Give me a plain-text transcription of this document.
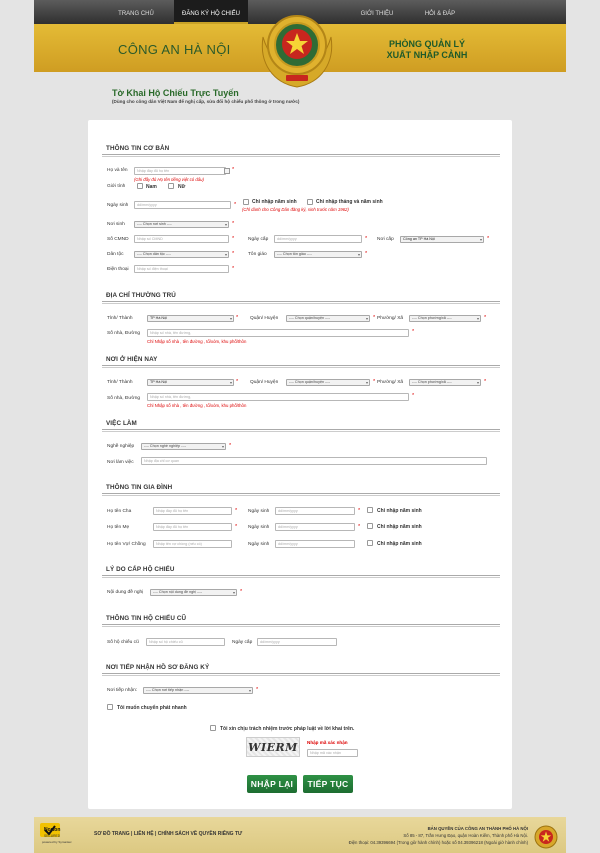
TRANG CHỦ	ĐĂNG KÝ HỘ CHIẾU	GIỚI THIỆU	HỎI & ĐÁP
CÔNG AN HÀ NỘI	PHÒNG QUẢN LÝ
XUẤT NHẬP CẢNH
Tờ Khai Hộ Chiếu Trực Tuyến
(Dùng cho công dân Việt Nam để nghị cấp, sửa đổi hộ chiếu phổ thông ở trong nước)
THÔNG TIN CƠ BẢN
Họ và tên	Nhập đầy đủ họ tên	*
(Ghi đầy đủ Họ tên tiếng việt có dấu)
Giới tính	Nam	Nữ
Ngày sinh	dd/mm/yyyy	*	Chỉ nhập năm sinh	Chỉ nhập tháng và năm sinh
(Chỉ dành cho Công Dân đăng ký, sinh trước năm 1962)
Nơi sinh	---- Chọn nơi sinh ---- ▾	*
Số CMND	Nhập số CMND	*	Ngày cấp	dd/mm/yyyy	* Nơi cấp	Công an TP Hà Nội ▾	*
Dân tộc	---- Chọn dân tộc ---- ▾	*	Tôn giáo	---- Chọn tôn giáo ---- ▾	*
Điện thoại	Nhập số điện thoại	*
ĐỊA CHỈ THƯỜNG TRÚ
Tỉnh/ Thành	TP Hà Nội ▾	* Quận/ Huyện	---- Chọn quận/huyện ---- ▾	* Phường/ Xã	---- Chọn phường/xã ---- ▾	*
Số nhà, Đường	Nhập số nhà, tên đường,	*
Chỉ Nhập số nhà , tên đường , tổ/xóm, khu phố/thôn
NƠI Ở HIỆN NAY
Tỉnh/ Thành	TP Hà Nội ▾	* Quận/ Huyện	---- Chọn quận/huyện ---- ▾	* Phường/ Xã	---- Chọn phường/xã ---- ▾	*
Số nhà, Đường	Nhập số nhà, tên đường,	*
Chỉ Nhập số nhà , tên đường , tổ/xóm, khu phố/thôn
VIỆC LÀM
Nghề nghiệp	---- Chọn nghề nghiệp ---- ▾	*
Nơi làm việc	Nhập địa chỉ cơ quan
THÔNG TIN GIA ĐÌNH
Họ tên Cha	Nhập đầy đủ họ tên	* Ngày sinh	dd/mm/yyyy	*	Chỉ nhập năm sinh
Họ tên Mẹ	Nhập đầy đủ họ tên	* Ngày sinh	dd/mm/yyyy	*	Chỉ nhập năm sinh
Họ tên Vợ/ Chồng	Nhập tên vợ chồng (nếu có)	Ngày sinh	dd/mm/yyyy	Chỉ nhập năm sinh
LÝ DO CẤP HỘ CHIẾU
Nội dung đề nghị	---- Chọn nội dung đề nghị ---- ▾	*
THÔNG TIN HỘ CHIẾU CŨ
Số hộ chiếu cũ	Nhập số hộ chiếu cũ	Ngày cấp	dd/mm/yyyy
NƠI TIẾP NHẬN HỒ SƠ ĐĂNG KÝ
Nơi tiếp nhận:	---- Chọn nơi tiếp nhận ---- ▾	*
Tôi muốn chuyển phát nhanh
Tôi xin chịu trách nhiệm trước pháp luật về lời khai trên.
WIERM	Nhập mã xác nhận
Nhập mã xác nhận
NHẬP LẠI	TIẾP TỤC
Norton
SECURED
powered by Symantec
SƠ ĐỒ TRANG | LIÊN HỆ | CHÍNH SÁCH VỀ QUYỀN RIÊNG TƯ
BẢN QUYỀN CỦA CÔNG AN THÀNH PHỐ HÀ NỘI
Số 85 - 87, Trần Hưng Đạo, quận Hoàn Kiếm, Thành phố Hà Nội.
Điện thoại: 04.39396694 (Trong giờ hành chính) hoặc số 04.39396218 (Ngoài giờ hành chính)
